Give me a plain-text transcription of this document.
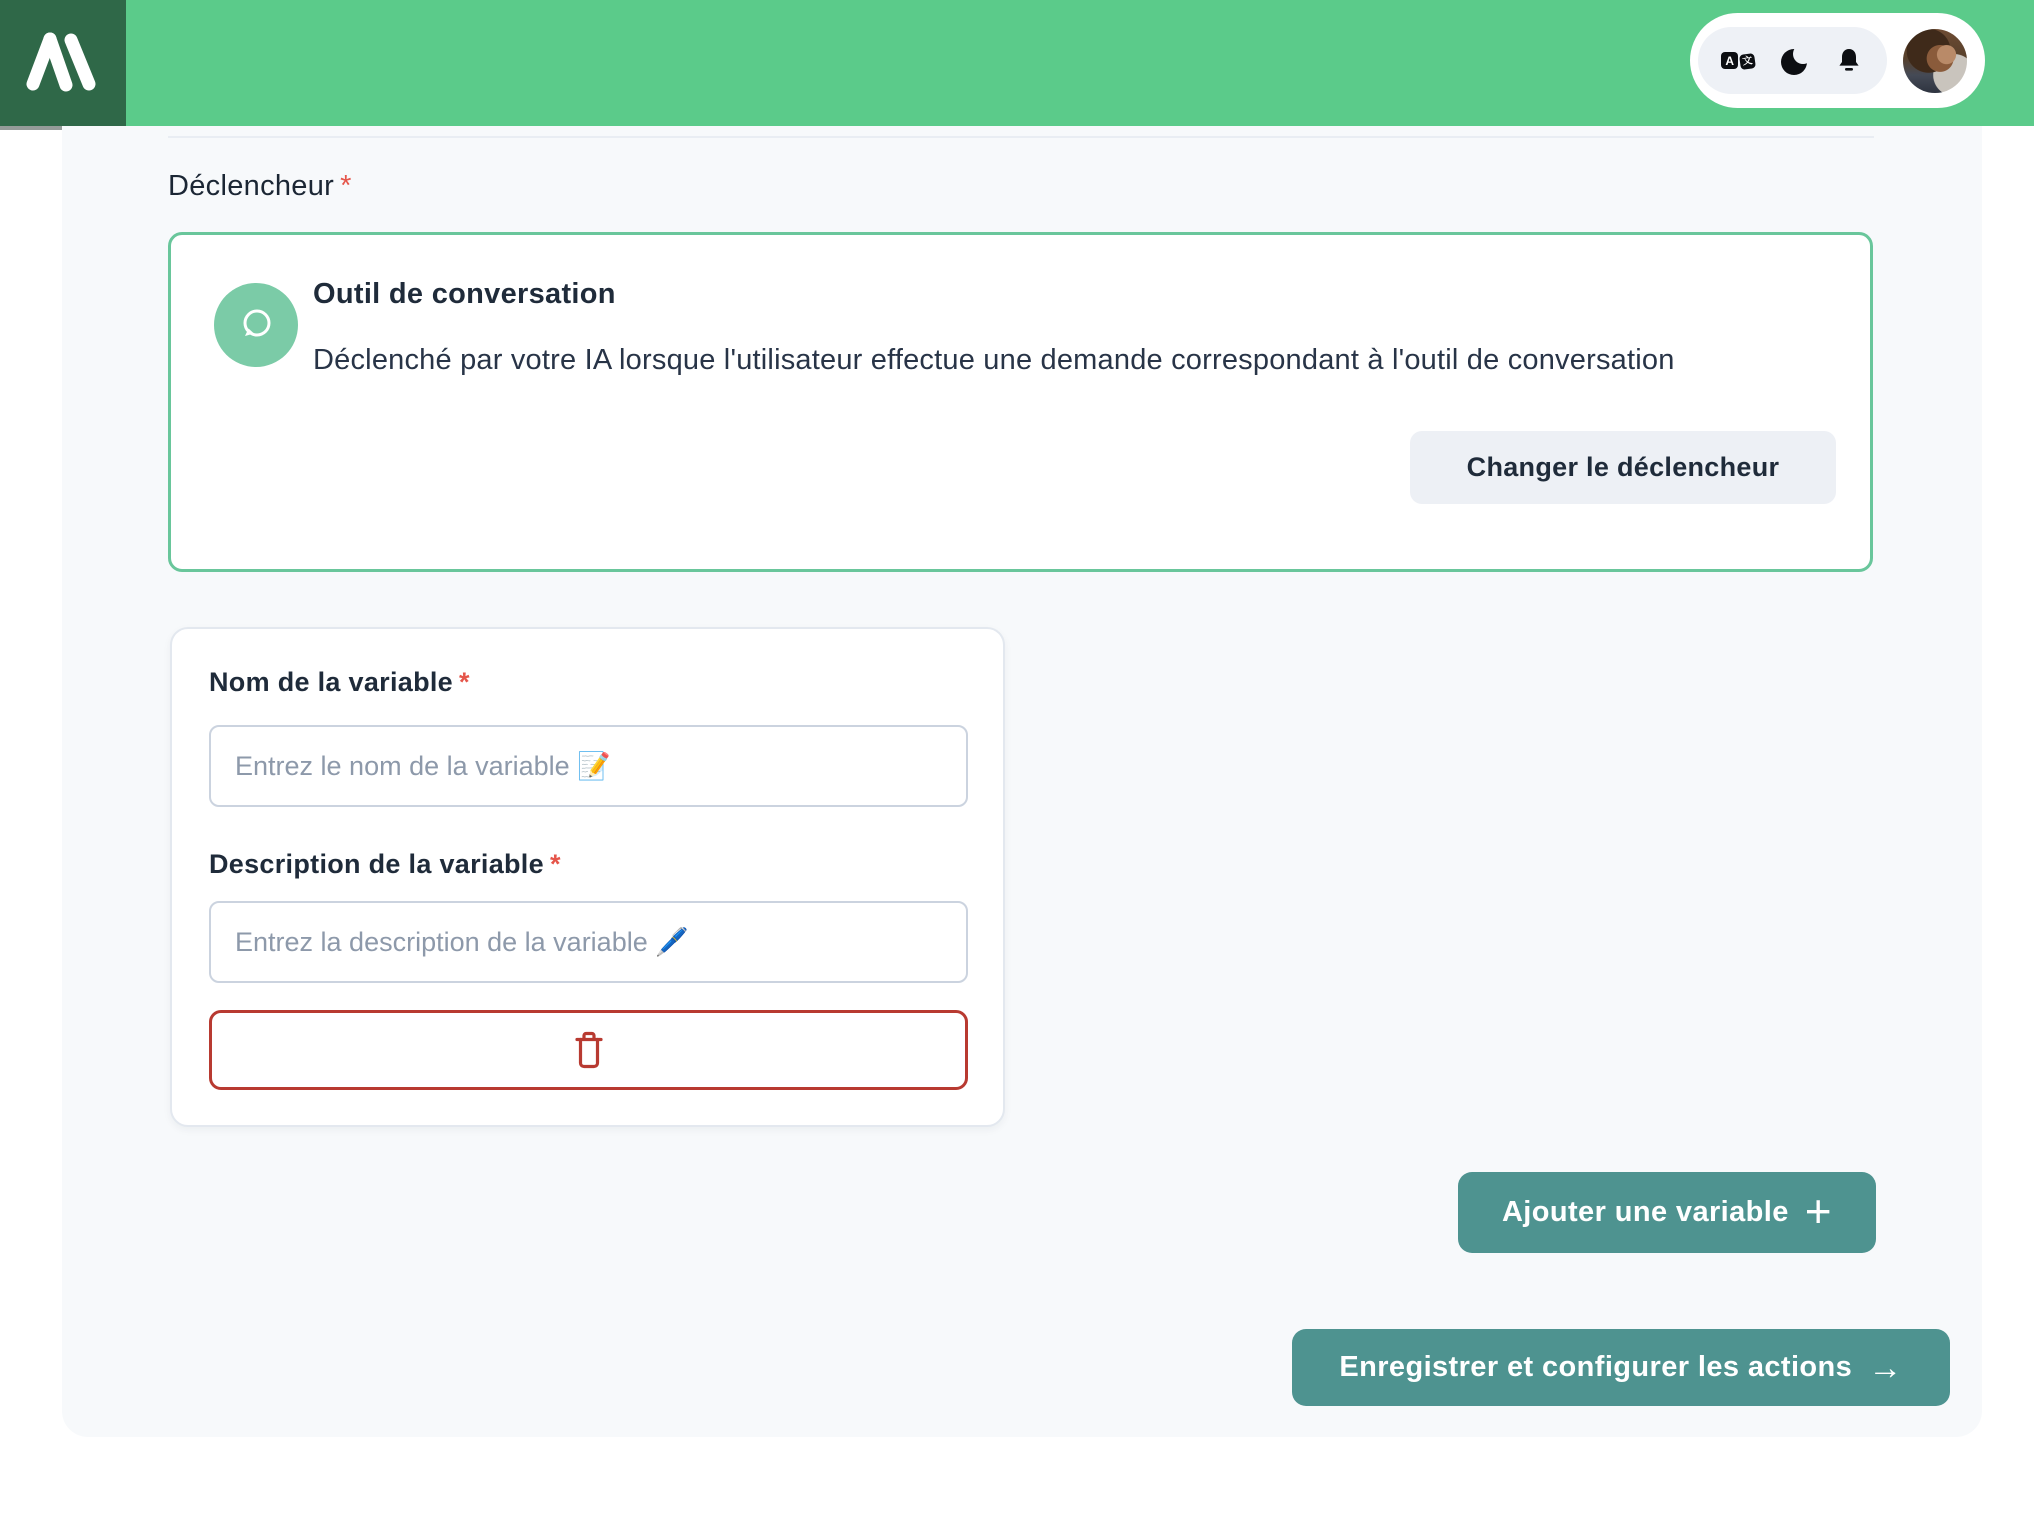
A 文
Déclencheur *
Outil de conversation

Déclenché par votre IA lorsque l'utilisateur effectue une demande correspondant à l'outil de conversation

Changer le déclencheur
Nom de la variable *
Entrez le nom de la variable 📝
Description de la variable *
Entrez la description de la variable 🖊️
Ajouter une variable +
Enregistrer et configurer les actions →
